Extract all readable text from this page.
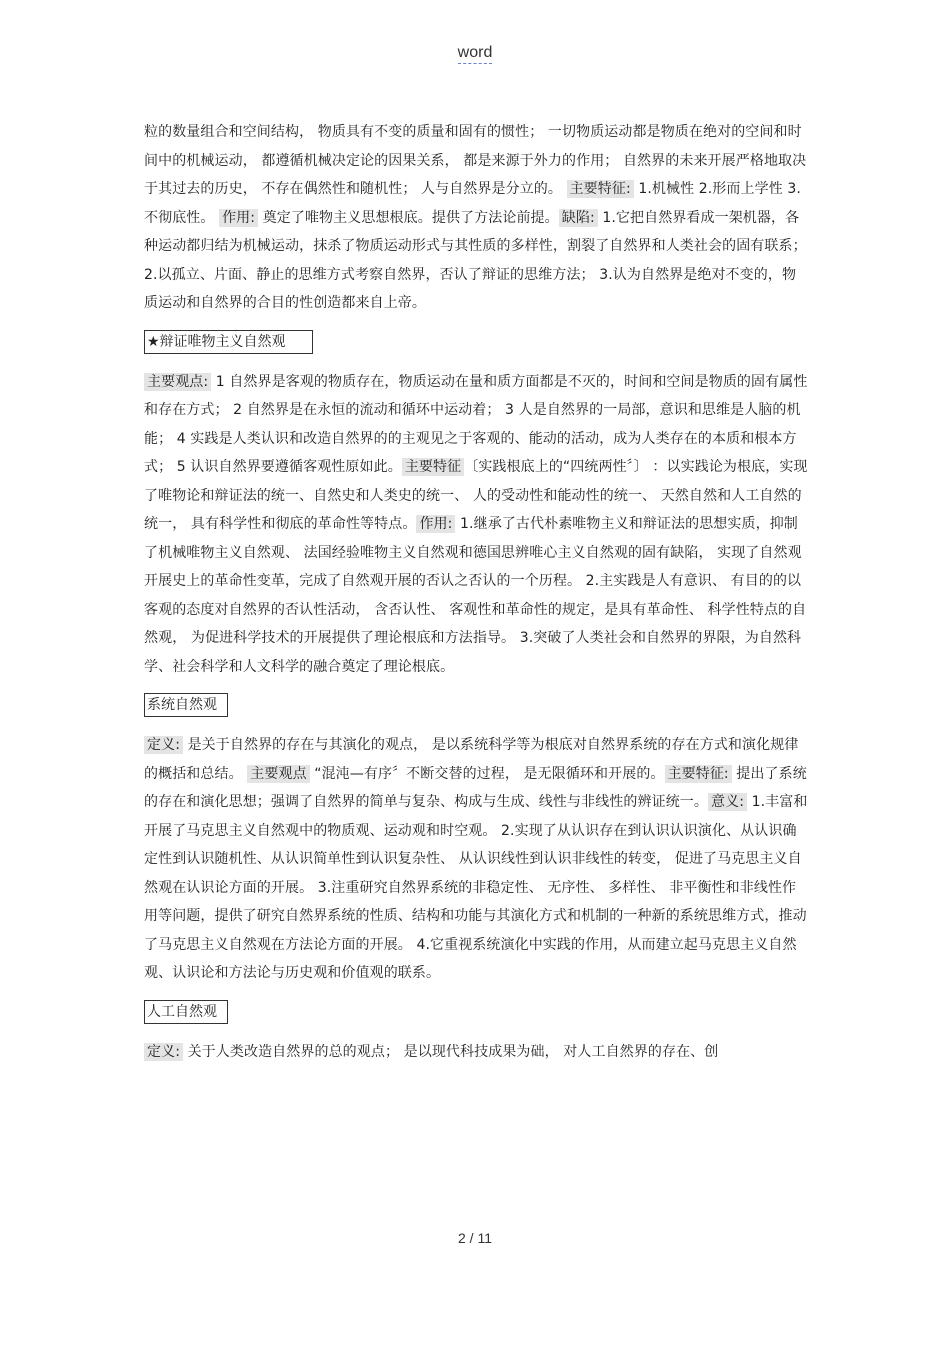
word

粒的数量组合和空间结构， 物质具有不变的质量和固有的惯性； 一切物质运动都是物质在绝对的空间和时间中的机械运动， 都遵循机械决定论的因果关系， 都是来源于外力的作用； 自然界的未来开展严格地取决于其过去的历史， 不存在偶然性和随机性； 人与自然界是分立的。 主要特征: 1.机械性 2.形而上学性 3.不彻底性。 作用: 奠定了唯物主义思想根底。提供了方法论前提。 缺陷: 1.它把自然界看成一架机器，各种运动都归结为机械运动，抹杀了物质运动形式与其性质的多样性，割裂了自然界和人类社会的固有联系； 2.以孤立、片面、静止的思维方式考察自然界，否认了辩证的思维方法； 3.认为自然界是绝对不变的，物质运动和自然界的合目的性创造都来自上帝。

★辩证唯物主义自然观

主要观点: 1 自然界是客观的物质存在，物质运动在量和质方面都是不灭的，时间和空间是物质的固有属性和存在方式； 2 自然界是在永恒的流动和循环中运动着； 3 人是自然界的一局部，意识和思维是人脑的机能； 4 实践是人类认识和改造自然界的的主观见之于客观的、能动的活动，成为人类存在的本质和根本方式； 5 认识自然界要遵循客观性原如此。 主要特征 〔实践根底上的“四统两性〞〕 ：以实践论为根底，实现了唯物论和辩证法的统一、自然史和人类史的统一、 人的受动性和能动性的统一、 天然自然和人工自然的统一， 具有科学性和彻底的革命性等特点。 作用: 1.继承了古代朴素唯物主义和辩证法的思想实质，抑制了机械唯物主义自然观、 法国经验唯物主义自然观和德国思辨唯心主义自然观的固有缺陷， 实现了自然观开展史上的革命性变革，完成了自然观开展的否认之否认的一个历程。 2.主实践是人有意识、 有目的的以客观的态度对自然界的否认性活动， 含否认性、 客观性和革命性的规定，是具有革命性、 科学性特点的自然观， 为促进科学技术的开展提供了理论根底和方法指导。 3.突破了人类社会和自然界的界限，为自然科学、社会科学和人文科学的融合奠定了理论根底。

系统自然观

定义: 是关于自然界的存在与其演化的观点， 是以系统科学等为根底对自然界系统的存在方式和演化规律的概括和总结。 主要观点 “混沌—有序〞不断交替的过程， 是无限循环和开展的。 主要特征: 提出了系统的存在和演化思想；强调了自然界的简单与复杂、构成与生成、线性与非线性的辨证统一。 意义: 1.丰富和开展了马克思主义自然观中的物质观、运动观和时空观。 2.实现了从认识存在到认识认识演化、从认识确定性到认识随机性、从认识简单性到认识复杂性、 从认识线性到认识非线性的转变， 促进了马克思主义自然观在认识论方面的开展。 3.注重研究自然界系统的非稳定性、 无序性、 多样性、 非平衡性和非线性作用等问题，提供了研究自然界系统的性质、结构和功能与其演化方式和机制的一种新的系统思维方式，推动了马克思主义自然观在方法论方面的开展。 4.它重视系统演化中实践的作用，从而建立起马克思主义自然观、认识论和方法论与历史观和价值观的联系。

人工自然观

定义: 关于人类改造自然界的总的观点； 是以现代科技成果为础， 对人工自然界的存在、创

2 / 11
